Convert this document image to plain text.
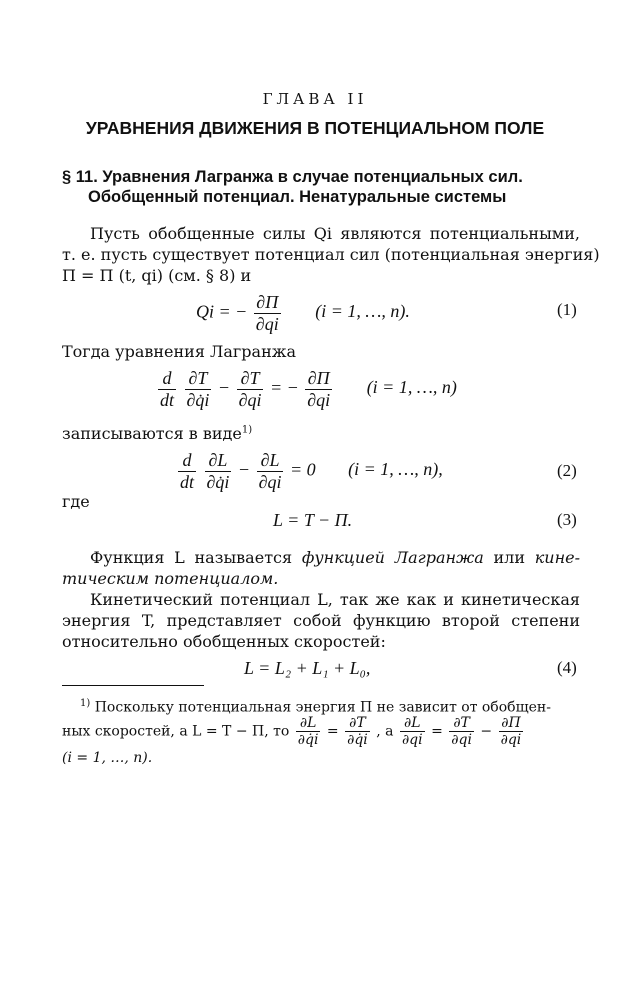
ГЛАВА II
УРАВНЕНИЯ ДВИЖЕНИЯ В ПОТЕНЦИАЛЬНОМ ПОЛЕ
§ 11. Уравнения Лагранжа в случае потенциальных сил.
Обобщенный потенциал. Ненатуральные системы
Пусть обобщенные силы Qi являются потенциальными,
т. е. пусть существует потенциал сил (потенциальная энергия)
Π = Π (t, qi) (см. § 8) и
Qi = − $\frac{\partial\Pi}{\partial qi} (i = 1$, …, n).	(1)
Тогда уравнения Лагранжа
$\frac{d}{dt}$
$\frac{\partial T}{\partial q̇i} - \frac{\partial T}{\partial qi}$ = − $\frac{\partial\Pi}{\partial qi} (i = 1$, …, n)
записываются в виде$^{1)}$
$\frac{d}{dt}$
$\frac{\partial L}{\partial q̇i} - \frac{\partial L}{\partial qi} = 0$ (i = 1, …, n),	(2)
где
L = T − Π.	(3)
Функция L называется функцией Лагранжа или кине-
тическим потенциалом.
Кинетический потенциал L, так же как и кинетическая
энергия T, представляет собой функцию второй степени
относительно обобщенных скоростей:
L = L₂ + L₁ + L₀,	(4)
$^{1)}$ Поскольку потенциальная энергия Π не зависит от обобщен-
ных скоростей, а L = T − Π, то $\frac{\partial L}{\partial q̇i} = \frac{\partial T}{\partial q̇i}$ , а $\frac{\partial L}{\partial qi} = \frac{\partial T}{\partial qi} - \frac{\partial\Pi}{\partial qi}$
(i = 1, …, n).
